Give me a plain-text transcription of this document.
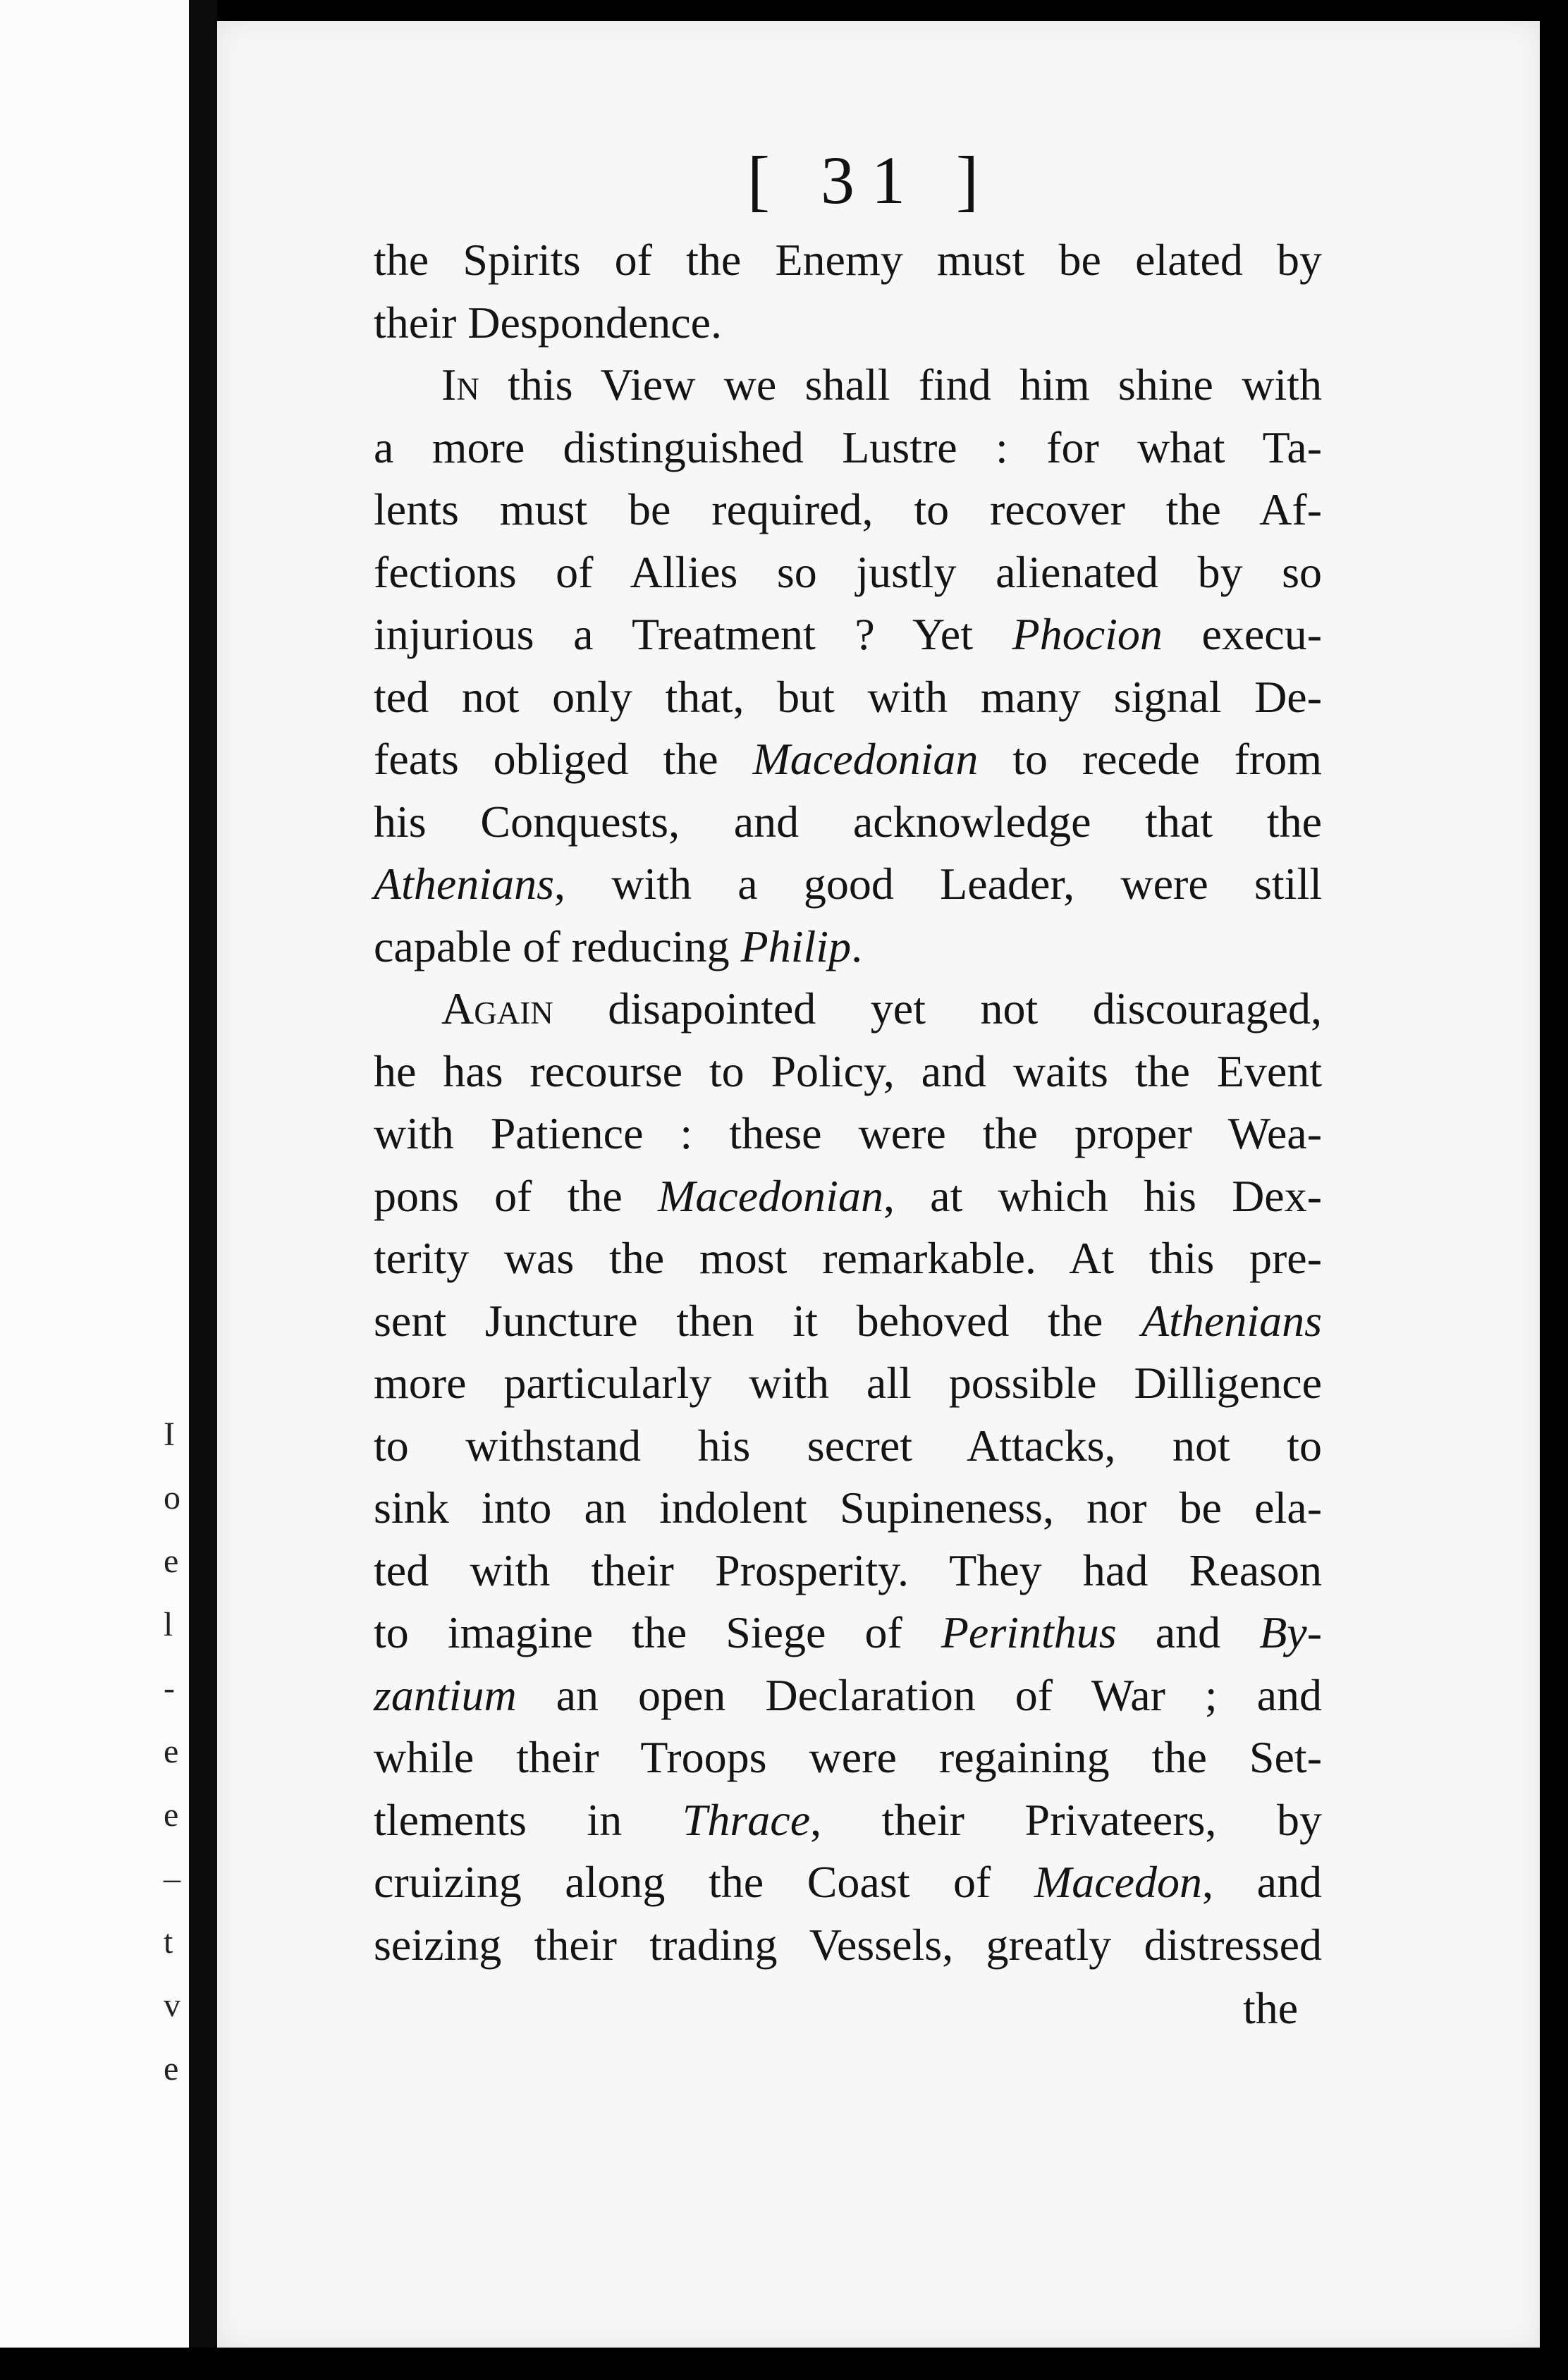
I
o
e
l
-
e
e
–
t
v
e
[ 31 ]
the Spirits of the Enemy must be elated by
their Despondence.
In this View we shall find him shine with
a more distinguished Lustre : for what Ta-
lents must be required, to recover the Af-
fections of Allies so justly alienated by so
injurious a Treatment ? Yet Phocion execu-
ted not only that, but with many signal De-
feats obliged the Macedonian to recede from
his Conquests, and acknowledge that the
Athenians, with a good Leader, were still
capable of reducing Philip.
Again disapointed yet not discouraged,
he has recourse to Policy, and waits the Event
with Patience : these were the proper Wea-
pons of the Macedonian, at which his Dex-
terity was the most remarkable. At this pre-
sent Juncture then it behoved the Athenians
more particularly with all possible Dilligence
to withstand his secret Attacks, not to
sink into an indolent Supineness, nor be ela-
ted with their Prosperity. They had Reason
to imagine the Siege of Perinthus and By-
zantium an open Declaration of War ; and
while their Troops were regaining the Set-
tlements in Thrace, their Privateers, by
cruizing along the Coast of Macedon, and
seizing their trading Vessels, greatly distressed
the
